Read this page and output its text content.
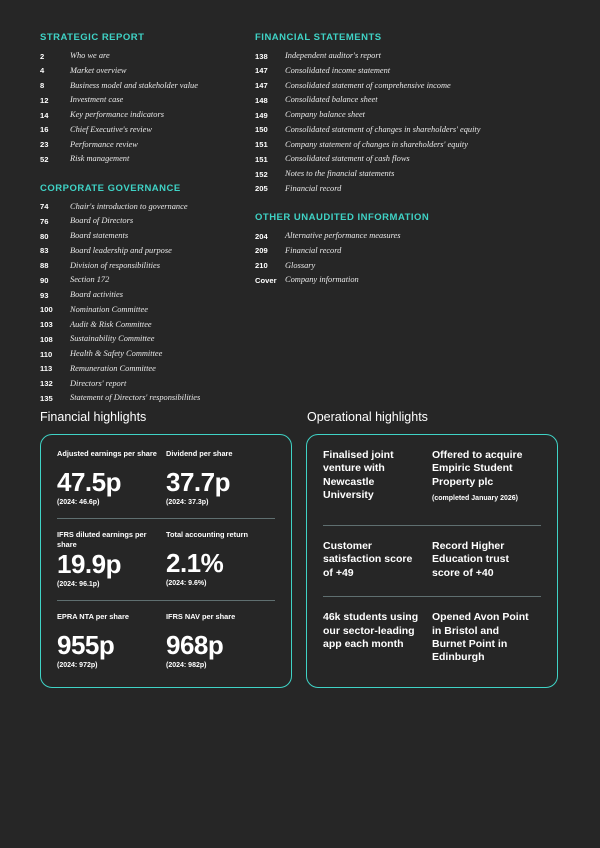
STRATEGIC REPORT
2	Who we are
4	Market overview
8	Business model and stakeholder value
12	Investment case
14	Key performance indicators
16	Chief Executive's review
23	Performance review
52	Risk management
CORPORATE GOVERNANCE
74	Chair's introduction to governance
76	Board of Directors
80	Board statements
83	Board leadership and purpose
88	Division of responsibilities
90	Section 172
93	Board activities
100	Nomination Committee
103	Audit & Risk Committee
108	Sustainability Committee
110	Health & Safety Committee
113	Remuneration Committee
132	Directors' report
135	Statement of Directors' responsibilities
FINANCIAL STATEMENTS
138	Independent auditor's report
147	Consolidated income statement
147	Consolidated statement of comprehensive income
148	Consolidated balance sheet
149	Company balance sheet
150	Consolidated statement of changes in shareholders' equity
151	Company statement of changes in shareholders' equity
151	Consolidated statement of cash flows
152	Notes to the financial statements
205	Financial record
OTHER UNAUDITED INFORMATION
204	Alternative performance measures
209	Financial record
210	Glossary
Cover	Company information
Financial highlights	Operational highlights
Adjusted earnings per share
47.5p
(2024: 46.6p)
Dividend per share
37.7p
(2024: 37.3p)
IFRS diluted earnings per share
19.9p
(2024: 96.1p)
Total accounting return
2.1%
(2024: 9.6%)
EPRA NTA per share
955p
(2024: 972p)
IFRS NAV per share
968p
(2024: 982p)
Finalised joint venture with Newcastle University
Offered to acquire Empiric Student Property plc
(completed January 2026)
Customer satisfaction score of +49
Record Higher Education trust score of +40
46k students using our sector-leading app each month
Opened Avon Point in Bristol and Burnet Point in Edinburgh
